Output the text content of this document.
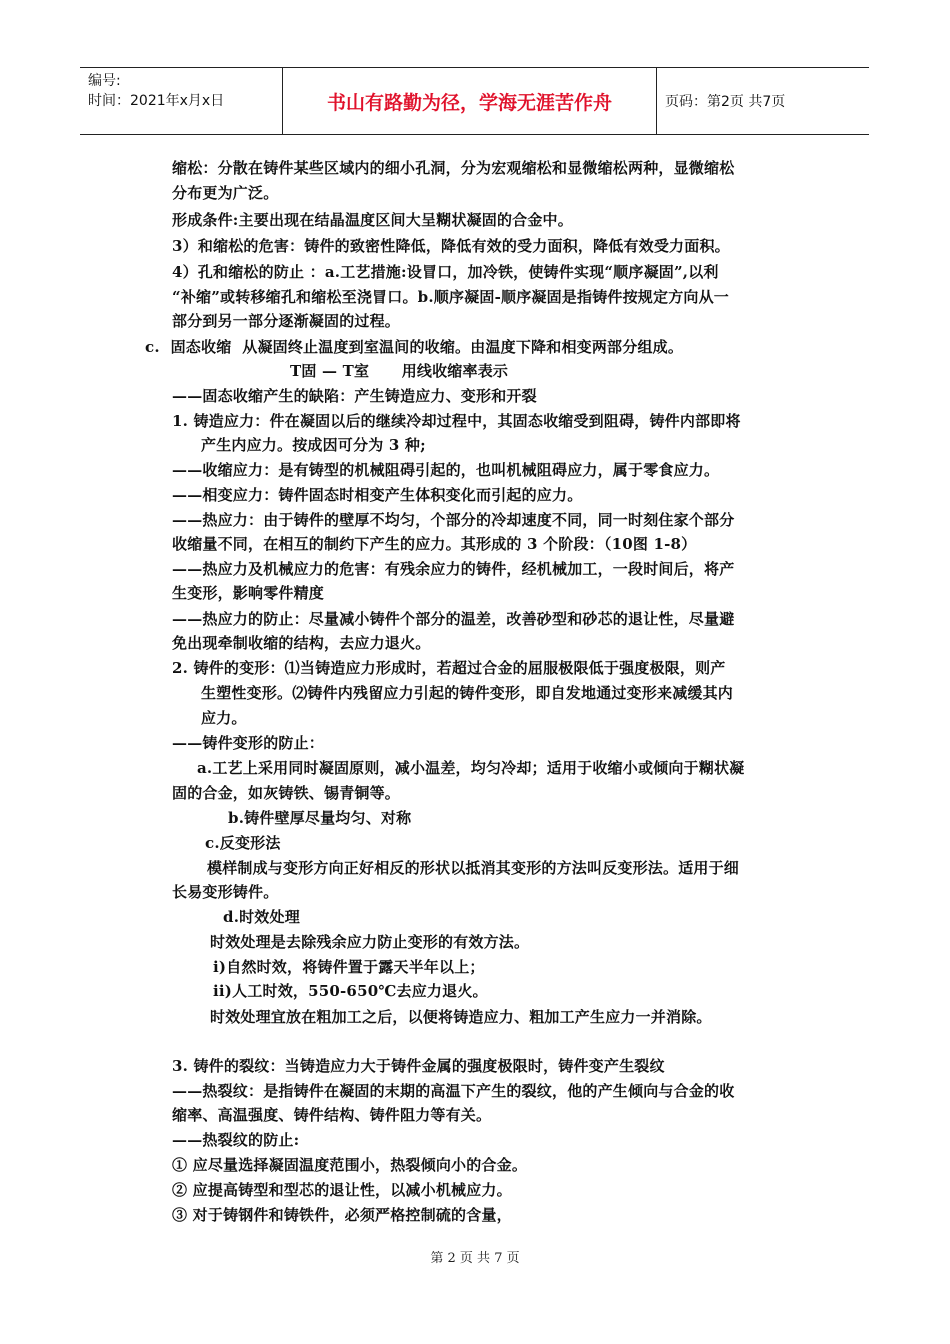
编号:
时间：2021年x月x日	书山有路勤为径，学海无涯苦作舟	页码：第2页 共7页
缩松：分散在铸件某些区域内的细小孔洞，分为宏观缩松和显微缩松两种，显微缩松
分布更为广泛。
形成条件:主要出现在结晶温度区间大呈糊状凝固的合金中。
3）和缩松的危害：铸件的致密性降低，降低有效的受力面积，降低有效受力面积。
4）孔和缩松的防止 ：a.工艺措施:设冒口，加冷铁，使铸件实现“顺序凝固”,以利
“补缩”或转移缩孔和缩松至浇冒口。b.顺序凝固-顺序凝固是指铸件按规定方向从一
部分到另一部分逐渐凝固的过程。
c.  固态收缩  从凝固终止温度到室温间的收缩。由温度下降和相变两部分组成。
T固 — T室      用线收缩率表示
——固态收缩产生的缺陷：产生铸造应力、变形和开裂
1. 铸造应力：件在凝固以后的继续冷却过程中，其固态收缩受到阻碍，铸件内部即将
产生内应力。按成因可分为 3 种;
——收缩应力：是有铸型的机械阻碍引起的，也叫机械阻碍应力，属于零食应力。
——相变应力：铸件固态时相变产生体积变化而引起的应力。
——热应力：由于铸件的壁厚不均匀，个部分的冷却速度不同，同一时刻住家个部分
收缩量不同，在相互的制约下产生的应力。其形成的 3 个阶段：（10图 1-8）
——热应力及机械应力的危害：有残余应力的铸件，经机械加工，一段时间后，将产
生变形，影响零件精度
——热应力的防止：尽量减小铸件个部分的温差，改善砂型和砂芯的退让性，尽量避
免出现牵制收缩的结构，去应力退火。
2. 铸件的变形：⑴当铸造应力形成时，若超过合金的屈服极限低于强度极限，则产
生塑性变形。⑵铸件内残留应力引起的铸件变形，即自发地通过变形来减缓其内
应力。
——铸件变形的防止：
a.工艺上采用同时凝固原则，减小温差，均匀冷却；适用于收缩小或倾向于糊状凝
固的合金，如灰铸铁、锡青铜等。
b.铸件壁厚尽量均匀、对称
c.反变形法
模样制成与变形方向正好相反的形状以抵消其变形的方法叫反变形法。适用于细
长易变形铸件。
d.时效处理
时效处理是去除残余应力防止变形的有效方法。
i)自然时效，将铸件置于露天半年以上；
ii)人工时效，550-650℃去应力退火。
时效处理宜放在粗加工之后，以便将铸造应力、粗加工产生应力一并消除。
3. 铸件的裂纹：当铸造应力大于铸件金属的强度极限时，铸件变产生裂纹
——热裂纹：是指铸件在凝固的末期的高温下产生的裂纹，他的产生倾向与合金的收
缩率、高温强度、铸件结构、铸件阻力等有关。
——热裂纹的防止:
① 应尽量选择凝固温度范围小，热裂倾向小的合金。
② 应提高铸型和型芯的退让性，以减小机械应力。
③ 对于铸钢件和铸铁件，必须严格控制硫的含量，
第 2 页 共 7 页
